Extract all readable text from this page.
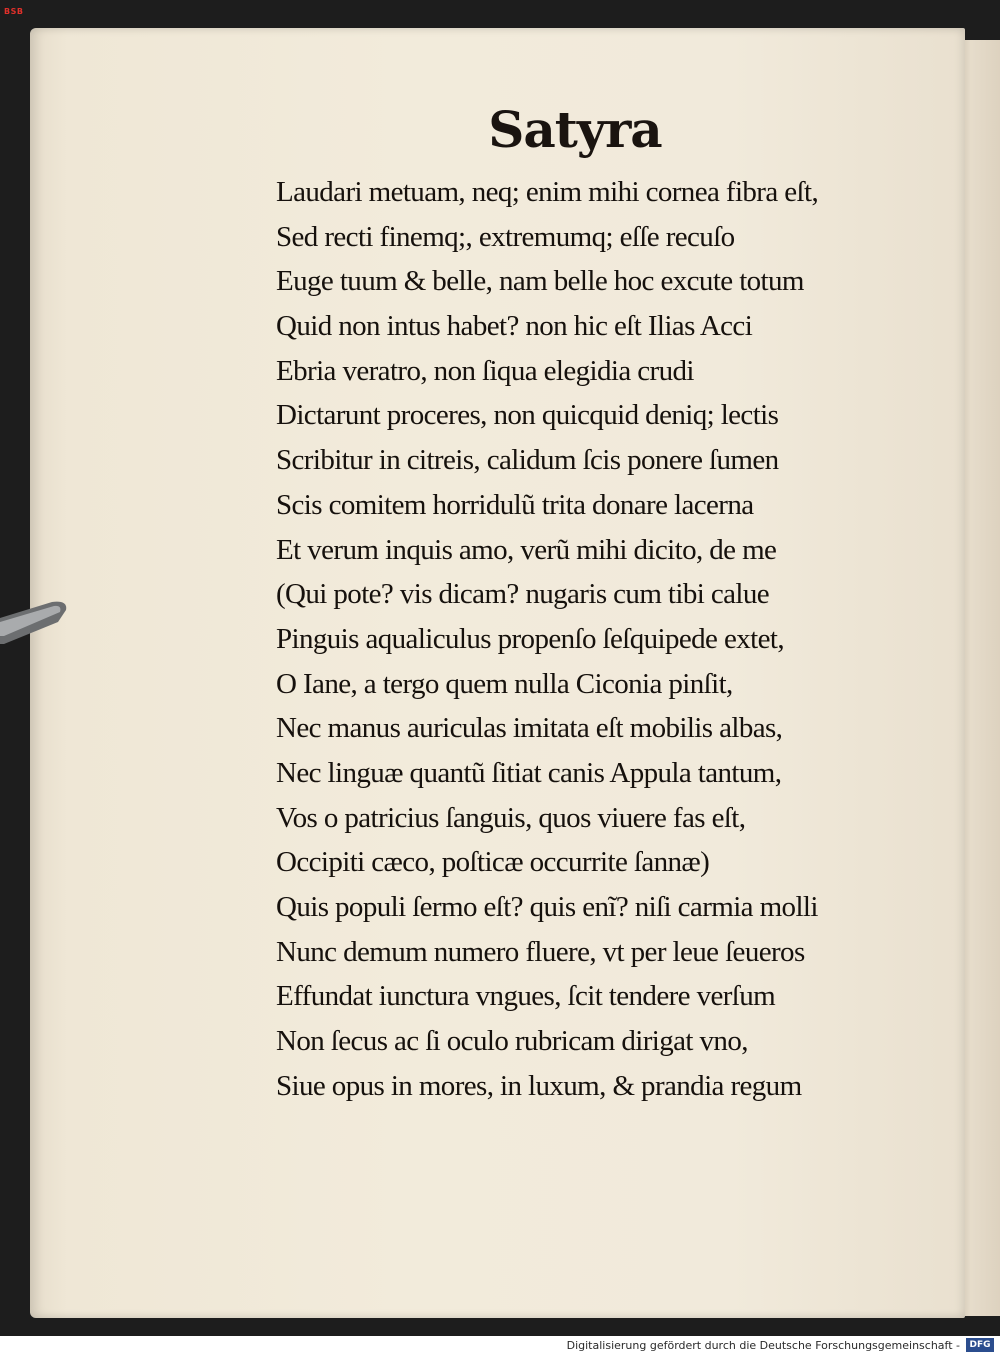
BSB
Satyra
Laudari metuam, neq; enim mihi cornea fibra eſt,
Sed recti finemq;, extremumq; eſſe recuſo
Euge tuum & belle, nam belle hoc excute totum
Quid non intus habet? non hic eſt Ilias Acci
Ebria veratro, non ſiqua elegidia crudi
Dictarunt proceres, non quicquid deniq; lectis
Scribitur in citreis, calidum ſcis ponere ſumen
Scis comitem horridulũ trita donare lacerna
Et verum inquis amo, verũ mihi dicito, de me
(Qui pote? vis dicam? nugaris cum tibi calue
Pinguis aqualiculus propenſo ſeſquipede extet,
O Iane, a tergo quem nulla Ciconia pinſit,
Nec manus auriculas imitata eſt mobilis albas,
Nec linguæ quantũ ſitiat canis Appula tantum,
Vos o patricius ſanguis, quos viuere fas eſt,
Occipiti cæco, poſticæ occurrite ſannæ)
Quis populi ſermo eſt? quis enĩ? niſi carmia molli
Nunc demum numero fluere, vt per leue ſeueros
Effundat iunctura vngues, ſcit tendere verſum
Non ſecus ac ſi oculo rubricam dirigat vno,
Siue opus in mores, in luxum, & prandia regum
Digitalisierung gefördert durch die Deutsche Forschungsgemeinschaft -	DFG
